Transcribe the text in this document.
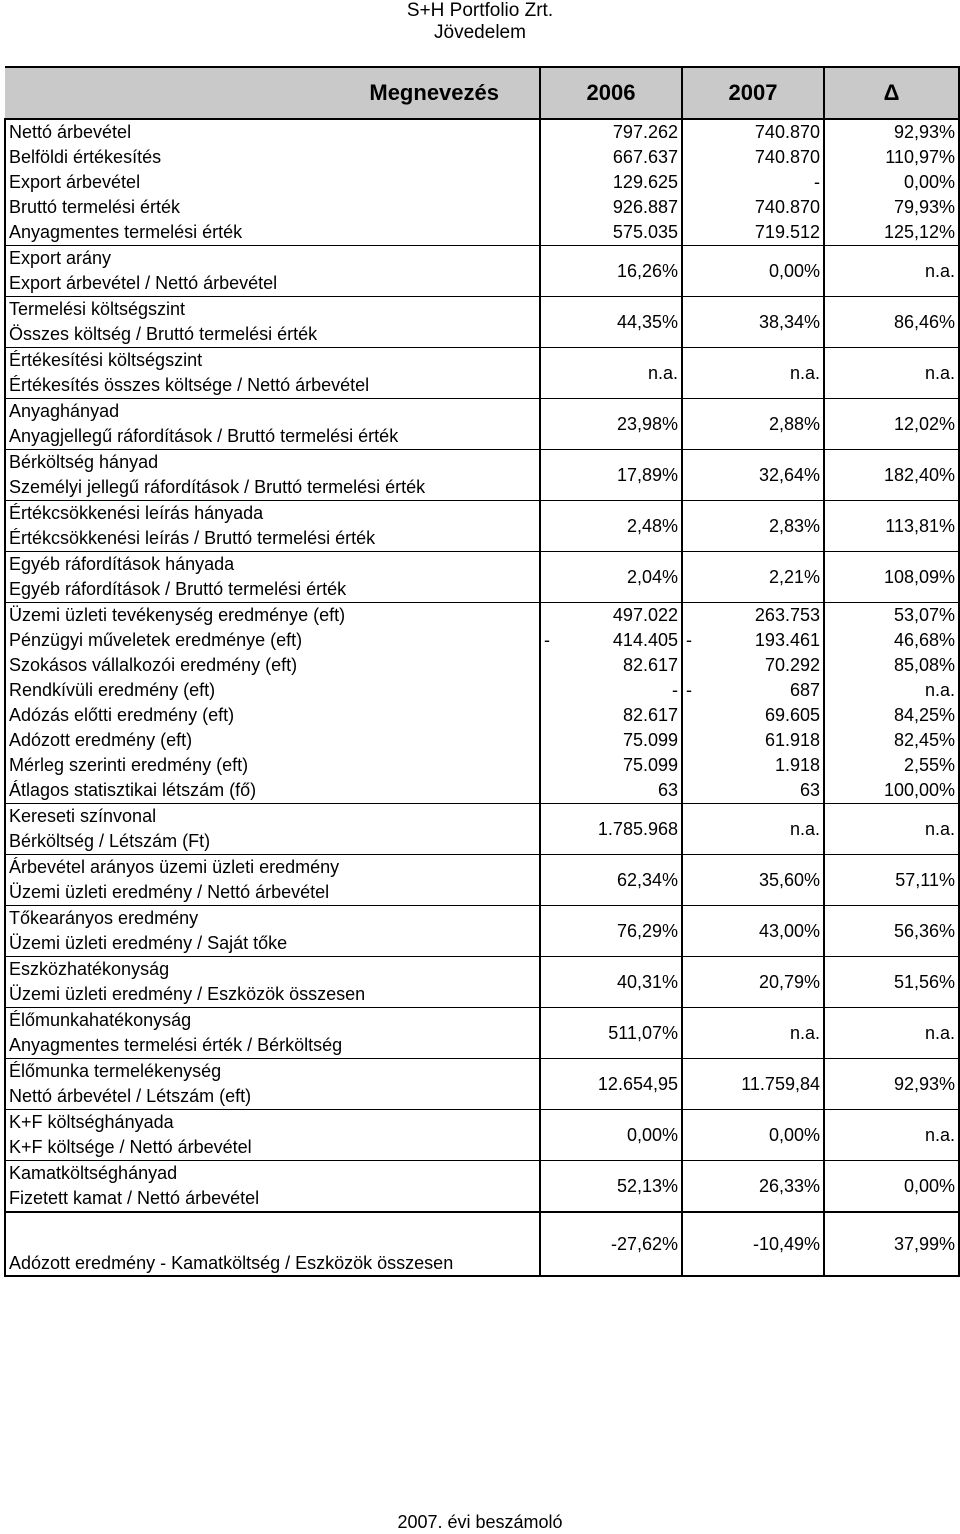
S+H Portfolio Zrt.
Jövedelem
Megnevezés	2006	2007	Δ
Nettó árbevétel	797.262	740.870	92,93%
Belföldi értékesítés	667.637	740.870	110,97%
Export árbevétel	129.625	-	0,00%
Bruttó termelési érték	926.887	740.870	79,93%
Anyagmentes termelési érték	575.035	719.512	125,12%

Export arány
Export árbevétel / Nettó árbevétel	16,26%	0,00%	n.a.

Termelési költségszint
Összes költség / Bruttó termelési érték	44,35%	38,34%	86,46%

Értékesítési költségszint
Értékesítés összes költsége / Nettó árbevétel	n.a.	n.a.	n.a.

Anyaghányad
Anyagjellegű ráfordítások / Bruttó termelési érték	23,98%	2,88%	12,02%

Bérköltség hányad
Személyi jellegű ráfordítások / Bruttó termelési érték	17,89%	32,64%	182,40%

Értékcsökkenési leírás hányada
Értékcsökkenési leírás / Bruttó termelési érték	2,48%	2,83%	113,81%

Egyéb ráfordítások hányada
Egyéb ráfordítások / Bruttó termelési érték	2,04%	2,21%	108,09%
Üzemi üzleti tevékenység eredménye (eft)	497.022	263.753	53,07%
Pénzügyi műveletek eredménye (eft)	- 414.405	- 193.461	46,68%
Szokásos vállalkozói eredmény (eft)	82.617	70.292	85,08%
Rendkívüli eredmény (eft)	-	- 687	n.a.
Adózás előtti eredmény (eft)	82.617	69.605	84,25%
Adózott eredmény (eft)	75.099	61.918	82,45%
Mérleg szerinti eredmény (eft)	75.099	1.918	2,55%
Átlagos statisztikai létszám (fő)	63	63	100,00%

Kereseti színvonal
Bérköltség / Létszám (Ft)	1.785.968	n.a.	n.a.

Árbevétel arányos üzemi üzleti eredmény
Üzemi üzleti eredmény / Nettó árbevétel	62,34%	35,60%	57,11%

Tőkearányos eredmény
Üzemi üzleti eredmény / Saját tőke	76,29%	43,00%	56,36%

Eszközhatékonyság
Üzemi üzleti eredmény / Eszközök összesen	40,31%	20,79%	51,56%

Élőmunkahatékonyság
Anyagmentes termelési érték / Bérköltség	511,07%	n.a.	n.a.

Élőmunka termelékenység
Nettó árbevétel / Létszám (eft)	12.654,95	11.759,84	92,93%

K+F költséghányada
K+F költsége / Nettó árbevétel	0,00%	0,00%	n.a.

Kamatköltséghányad
Fizetett kamat / Nettó árbevétel	52,13%	26,33%	0,00%
Adózott eredmény - Kamatköltség / Eszközök összesen	-27,62%	-10,49%	37,99%
2007. évi beszámoló
